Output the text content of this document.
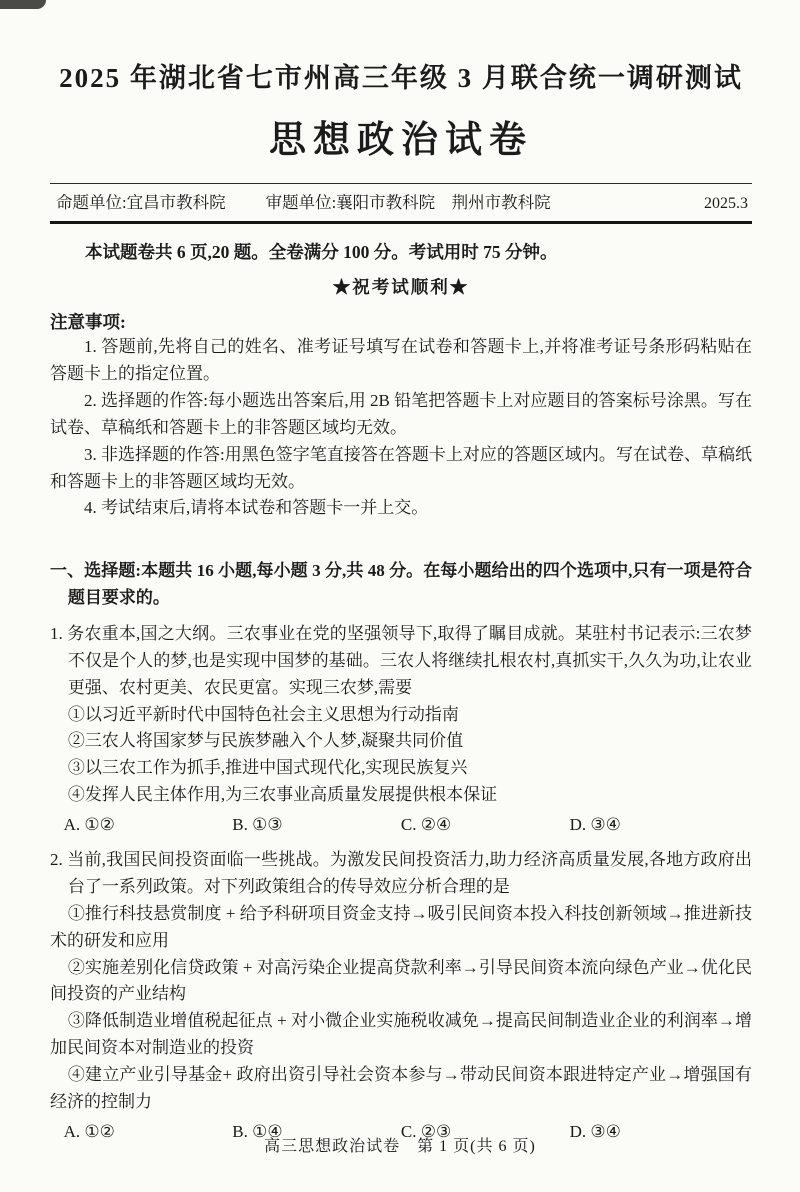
2025 年湖北省七市州高三年级 3 月联合统一调研测试
思想政治试卷
命题单位:宜昌市教科院 审题单位:襄阳市教科院　荆州市教科院	2025.3

本试题卷共 6 页,20 题。全卷满分 100 分。考试用时 75 分钟。

★祝考试顺利★

注意事项:

1. 答题前,先将自己的姓名、准考证号填写在试卷和答题卡上,并将准考证号条形码粘贴在答题卡上的指定位置。

2. 选择题的作答:每小题选出答案后,用 2B 铅笔把答题卡上对应题目的答案标号涂黑。写在试卷、草稿纸和答题卡上的非答题区域均无效。

3. 非选择题的作答:用黑色签字笔直接答在答题卡上对应的答题区域内。写在试卷、草稿纸和答题卡上的非答题区域均无效。

4. 考试结束后,请将本试卷和答题卡一并上交。

一、选择题:本题共 16 小题,每小题 3 分,共 48 分。在每小题给出的四个选项中,只有一项是符合题目要求的。

1. 务农重本,国之大纲。三农事业在党的坚强领导下,取得了瞩目成就。某驻村书记表示:三农梦不仅是个人的梦,也是实现中国梦的基础。三农人将继续扎根农村,真抓实干,久久为功,让农业更强、农村更美、农民更富。实现三农梦,需要

①以习近平新时代中国特色社会主义思想为行动指南

②三农人将国家梦与民族梦融入个人梦,凝聚共同价值

③以三农工作为抓手,推进中国式现代化,实现民族复兴

④发挥人民主体作用,为三农事业高质量发展提供根本保证

A. ①②	B. ①③	C. ②④	D. ③④

2. 当前,我国民间投资面临一些挑战。为激发民间投资活力,助力经济高质量发展,各地方政府出台了一系列政策。对下列政策组合的传导效应分析合理的是

①推行科技悬赏制度 + 给予科研项目资金支持→吸引民间资本投入科技创新领域→推进新技术的研发和应用

②实施差别化信贷政策 + 对高污染企业提高贷款利率→引导民间资本流向绿色产业→优化民间投资的产业结构

③降低制造业增值税起征点 + 对小微企业实施税收减免→提高民间制造业企业的利润率→增加民间资本对制造业的投资

④建立产业引导基金+ 政府出资引导社会资本参与→带动民间资本跟进特定产业→增强国有经济的控制力

A. ①②	B. ①④	C. ②③	D. ③④
高三思想政治试卷　第 1 页(共 6 页)
